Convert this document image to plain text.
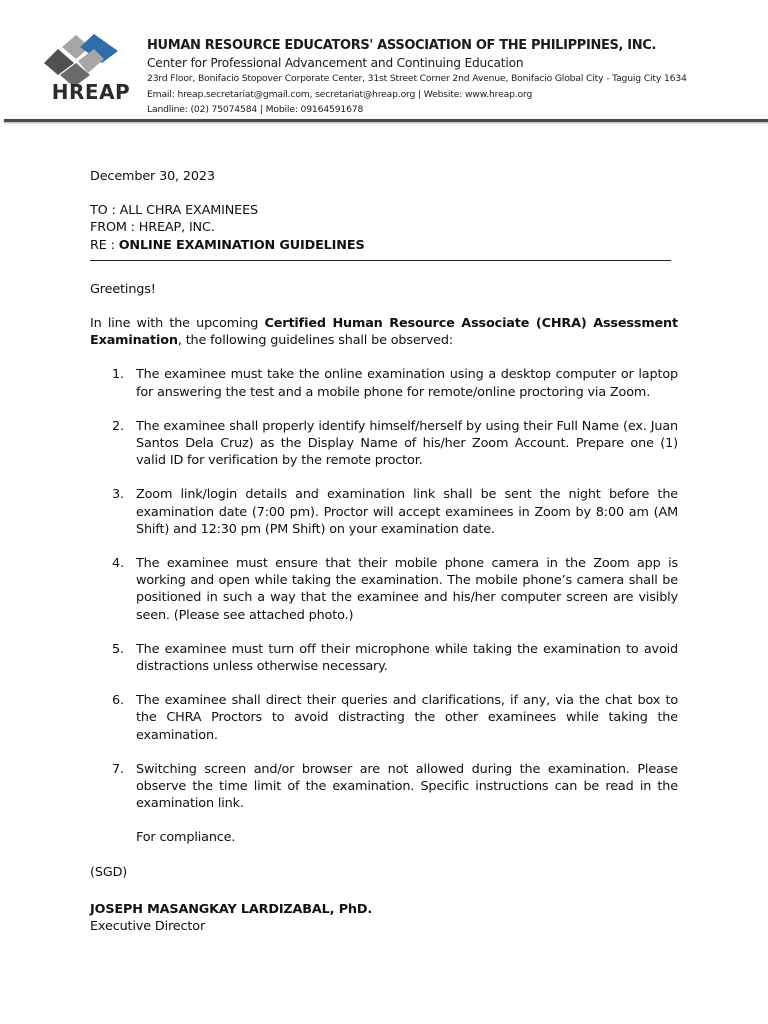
HREAP

HUMAN RESOURCE EDUCATORS' ASSOCIATION OF THE PHILIPPINES, INC.

Center for Professional Advancement and Continuing Education

23rd Floor, Bonifacio Stopover Corporate Center, 31st Street Corner 2nd Avenue, Bonifacio Global City - Taguig City 1634

Email: hreap.secretariat@gmail.com, secretariat@hreap.org | Website: www.hreap.org

Landline: (02) 75074584 | Mobile: 09164591678

December 30, 2023

TO : ALL CHRA EXAMINEES

FROM : HREAP, INC.

RE : ONLINE EXAMINATION GUIDELINES

Greetings!

In line with the upcoming Certified Human Resource Associate (CHRA) Assessment Examination, the following guidelines shall be observed:

1. The examinee must take the online examination using a desktop computer or laptop for answering the test and a mobile phone for remote/online proctoring via Zoom.
2. The examinee shall properly identify himself/herself by using their Full Name (ex. Juan Santos Dela Cruz) as the Display Name of his/her Zoom Account. Prepare one (1) valid ID for verification by the remote proctor.
3. Zoom link/login details and examination link shall be sent the night before the examination date (7:00 pm). Proctor will accept examinees in Zoom by 8:00 am (AM Shift) and 12:30 pm (PM Shift) on your examination date.
4. The examinee must ensure that their mobile phone camera in the Zoom app is working and open while taking the examination. The mobile phone’s camera shall be positioned in such a way that the examinee and his/her computer screen are visibly seen. (Please see attached photo.)
5. The examinee must turn off their microphone while taking the examination to avoid distractions unless otherwise necessary.
6. The examinee shall direct their queries and clarifications, if any, via the chat box to the CHRA Proctors to avoid distracting the other examinees while taking the examination.
7. Switching screen and/or browser are not allowed during the examination. Please observe the time limit of the examination. Specific instructions can be read in the examination link.

For compliance.

(SGD)

JOSEPH MASANGKAY LARDIZABAL, PhD.

Executive Director
